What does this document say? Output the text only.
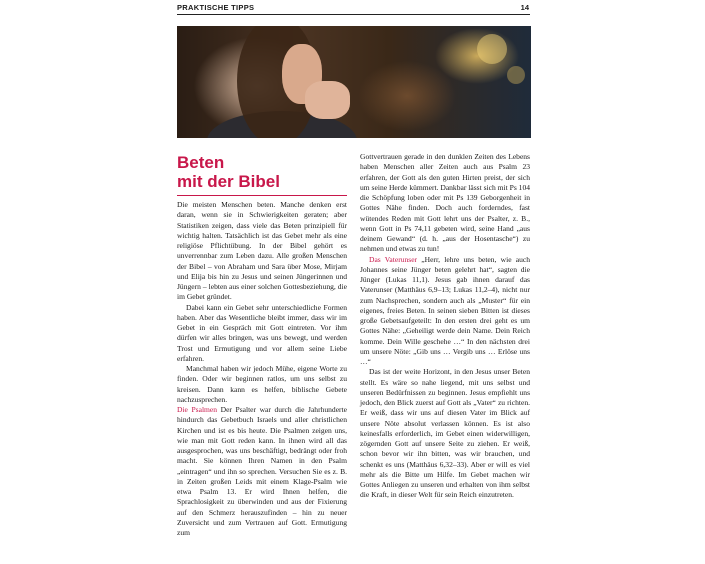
PRAKTISCHE TIPPS	14
Beten
mit der Bibel

Die meisten Menschen beten. Manche denken erst daran, wenn sie in Schwierigkeiten geraten; aber Statistiken zeigen, dass viele das Beten prinzipiell für wichtig halten. Tatsächlich ist das Gebet mehr als eine religiöse Pflichtübung. In der Bibel gehört es unverrennbar zum Leben dazu. Alle großen Menschen der Bibel – von Abraham und Sara über Mose, Mirjam und Elija bis hin zu Jesus und seinen Jüngerinnen und Jüngern – lebten aus einer solchen Gottesbeziehung, die im Gebet gründet.

Dabei kann ein Gebet sehr unterschiedliche Formen haben. Aber das Wesentliche bleibt immer, dass wir im Gebet in ein Gespräch mit Gott eintreten. Vor ihm dürfen wir alles bringen, was uns bewegt, und werden Trost und Ermutigung und vor allem seine Liebe erfahren.

Manchmal haben wir jedoch Mühe, eigene Worte zu finden. Oder wir beginnen ratlos, um uns selbst zu kreisen. Dann kann es helfen, biblische Gebete nachzusprechen.

Die Psalmen Der Psalter war durch die Jahrhunderte hindurch das Gebetbuch Israels und aller christlichen Kirchen und ist es bis heute. Die Psalmen zeigen uns, wie man mit Gott reden kann. In ihnen wird all das ausgesprochen, was uns beschäftigt, bedrängt oder froh macht. Sie können Ihren Namen in den Psalm „eintragen“ und ihn so sprechen. Versuchen Sie es z. B. in Zeiten großen Leids mit einem Klage-Psalm wie etwa Psalm 13. Er wird Ihnen helfen, die Sprachlosigkeit zu überwinden und aus der Fixierung auf den Schmerz herauszufinden – hin zu neuer Zuversicht und zum Vertrauen auf Gott. Ermutigung zum

Gottvertrauen gerade in den dunklen Zeiten des Lebens haben Menschen aller Zeiten auch aus Psalm 23 erfahren, der Gott als den guten Hirten preist, der sich um seine Herde kümmert. Dankbar lässt sich mit Ps 104 die Schöpfung loben oder mit Ps 139 Geborgenheit in Gottes Nähe finden. Doch auch forderndes, fast wütendes Reden mit Gott lehrt uns der Psalter, z. B., wenn Gott in Ps 74,11 gebeten wird, seine Hand „aus deinem Gewand“ (d. h. „aus der Hosentasche“) zu nehmen und etwas zu tun!

Das Vaterunser „Herr, lehre uns beten, wie auch Johannes seine Jünger beten gelehrt hat“, sagten die Jünger (Lukas 11,1). Jesus gab ihnen darauf das Vaterunser (Matthäus 6,9–13; Lukas 11,2–4), nicht nur zum Nachsprechen, sondern auch als „Muster“ für ein eigenes, freies Beten. In seinen sieben Bitten ist dieses große Gebetsaufgeteilt: In den ersten drei geht es um Gottes Nähe: „Geheiligt werde dein Name. Dein Reich komme. Dein Wille geschehe …“ In den nächsten drei um unsere Nöte: „Gib uns … Vergib uns … Erlöse uns …“

Das ist der weite Horizont, in den Jesus unser Beten stellt. Es wäre so nahe liegend, mit uns selbst und unseren Bedürfnissen zu beginnen. Jesus empfiehlt uns jedoch, den Blick zuerst auf Gott als „Vater“ zu richten. Er weiß, dass wir uns auf diesen Vater im Blick auf unsere Nöte absolut verlassen können. Es ist also keinesfalls erforderlich, im Gebet einen widerwilligen, zögernden Gott auf unsere Seite zu ziehen. Er weiß, schon bevor wir ihn bitten, was wir brauchen, und schenkt es uns (Matthäus 6,32–33). Aber er will es viel mehr als die Bitte um Hilfe. Im Gebet machen wir Gottes Anliegen zu unseren und erhalten von ihm selbst die Kraft, in dieser Welt für sein Reich einzutreten.
